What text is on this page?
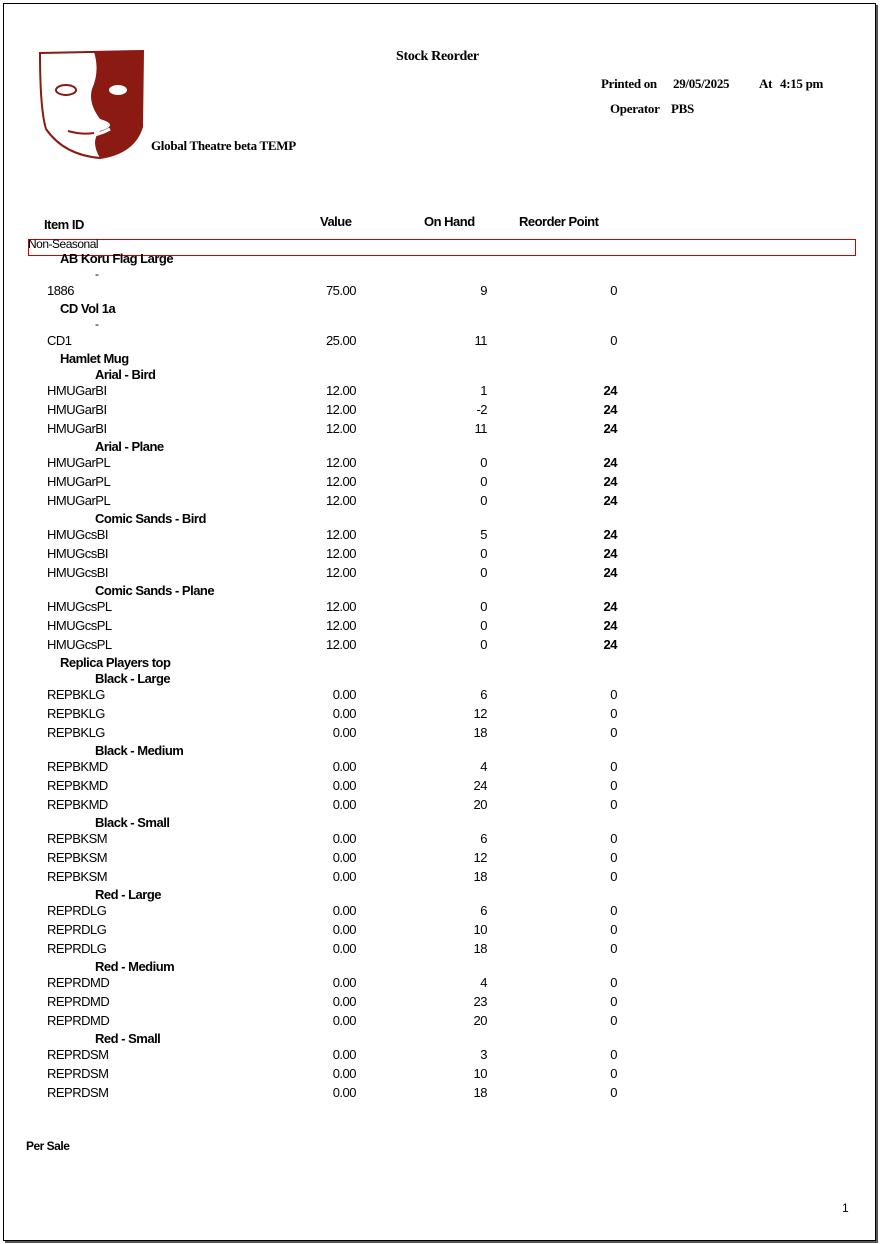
Stock Reorder
Printed on 29/05/2025 At 4:15 pm
Operator PBS
Global Theatre beta TEMP
Item ID	Value	On Hand	Reorder Point
Non-Seasonal
Per Sale
1
AB Koru Flag Large
-
1886	75.00	9	0
CD Vol 1a
-
CD1	25.00	11	0
Hamlet Mug
Arial - Bird
HMUGarBI	12.00	1	24
HMUGarBI	12.00	-2	24
HMUGarBI	12.00	11	24
Arial - Plane
HMUGarPL	12.00	0	24
HMUGarPL	12.00	0	24
HMUGarPL	12.00	0	24
Comic Sands - Bird
HMUGcsBI	12.00	5	24
HMUGcsBI	12.00	0	24
HMUGcsBI	12.00	0	24
Comic Sands - Plane
HMUGcsPL	12.00	0	24
HMUGcsPL	12.00	0	24
HMUGcsPL	12.00	0	24
Replica Players top
Black - Large
REPBKLG	0.00	6	0
REPBKLG	0.00	12	0
REPBKLG	0.00	18	0
Black - Medium
REPBKMD	0.00	4	0
REPBKMD	0.00	24	0
REPBKMD	0.00	20	0
Black - Small
REPBKSM	0.00	6	0
REPBKSM	0.00	12	0
REPBKSM	0.00	18	0
Red - Large
REPRDLG	0.00	6	0
REPRDLG	0.00	10	0
REPRDLG	0.00	18	0
Red - Medium
REPRDMD	0.00	4	0
REPRDMD	0.00	23	0
REPRDMD	0.00	20	0
Red - Small
REPRDSM	0.00	3	0
REPRDSM	0.00	10	0
REPRDSM	0.00	18	0
